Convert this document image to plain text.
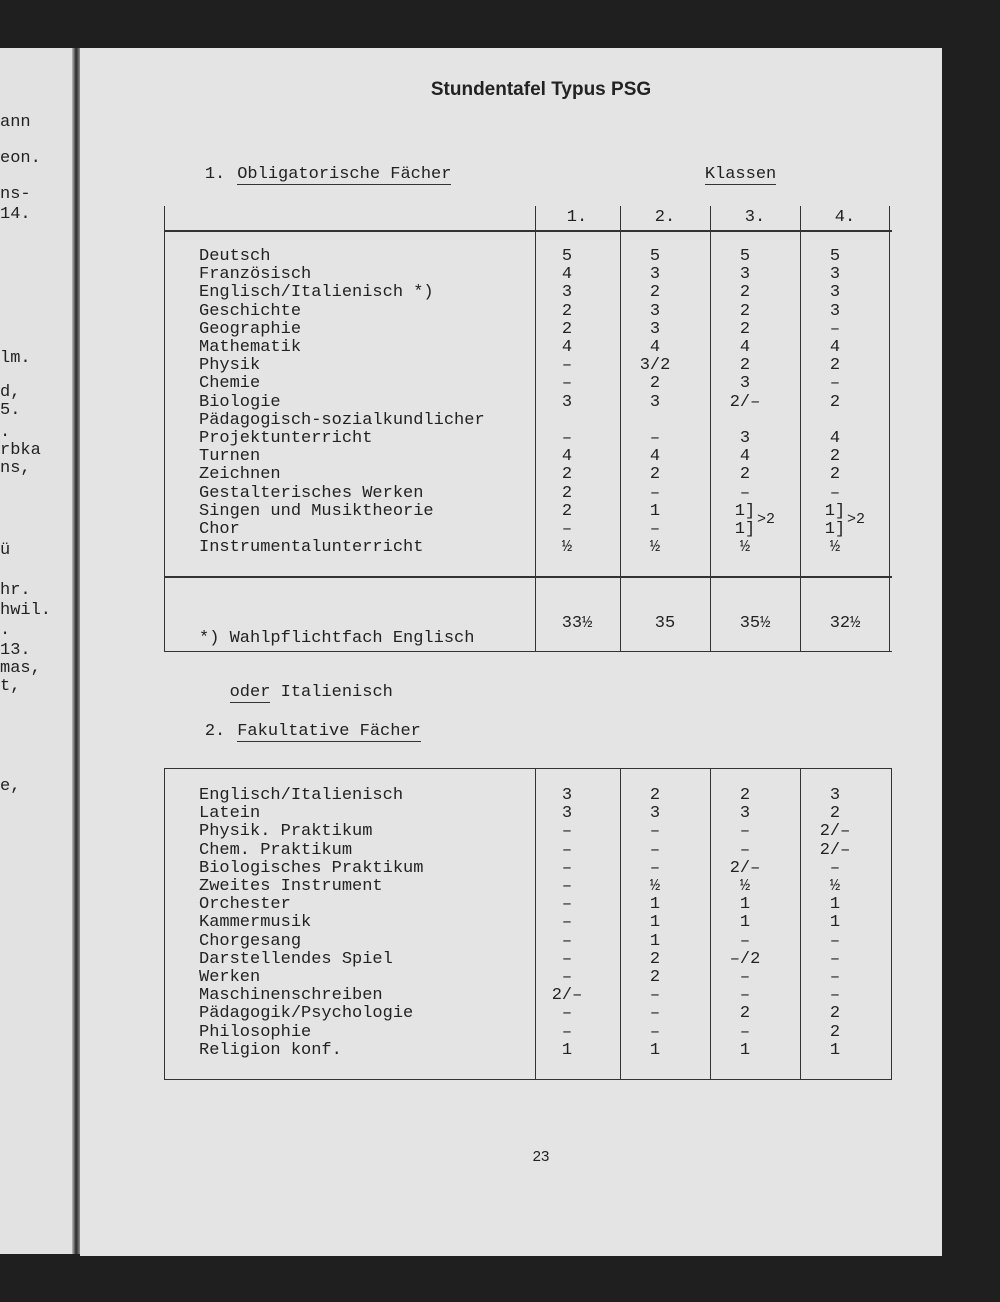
ann
eon.
ns-
14.
lm.
d,
5.
.
rbka
ns,
ü
hr.
hwil.
.
13.
mas,
t,
e,
Stundentafel Typus PSG

1. Obligatorische Fächer
	Klassen

1.	2.	3.	4.
Deutsch	5	5	5	5
Französisch	4	3	3	3
Englisch/Italienisch *)	3	2	2	3
Geschichte	2	3	2	3
Geographie	2	3	2	–
Mathematik	4	4	4	4
Physik	–	3/2	2	2
Chemie	–	2	3	–
Biologie	3	3	2/–	2
Pädagogisch-sozialkundlicher
Projektunterricht	–	–	3	4
Turnen	4	4	4	2
Zeichnen	2	2	2	2
Gestalterisches Werken	2	–	–	–
Singen und Musiktheorie	2	1	1]	1]
Chor	–	–	1]	1]
Instrumentalunterricht	½	½	½	½
>2	>2

*) Wahlpflichtfach Englisch

oder Italienisch

33½	35	35½	32½

2. Fakultative Fächer

Englisch/Italienisch	3	2	2	3
Latein	3	3	3	2
Physik. Praktikum	–	–	–	2/–
Chem. Praktikum	–	–	–	2/–
Biologisches Praktikum	–	–	2/–	–
Zweites Instrument	–	½	½	½
Orchester	–	1	1	1
Kammermusik	–	1	1	1
Chorgesang	–	1	–	–
Darstellendes Spiel	–	2	–/2	–
Werken	–	2	–	–
Maschinenschreiben	2/–	–	–	–
Pädagogik/Psychologie	–	–	2	2
Philosophie	–	–	–	2
Religion konf.	1	1	1	1
23
